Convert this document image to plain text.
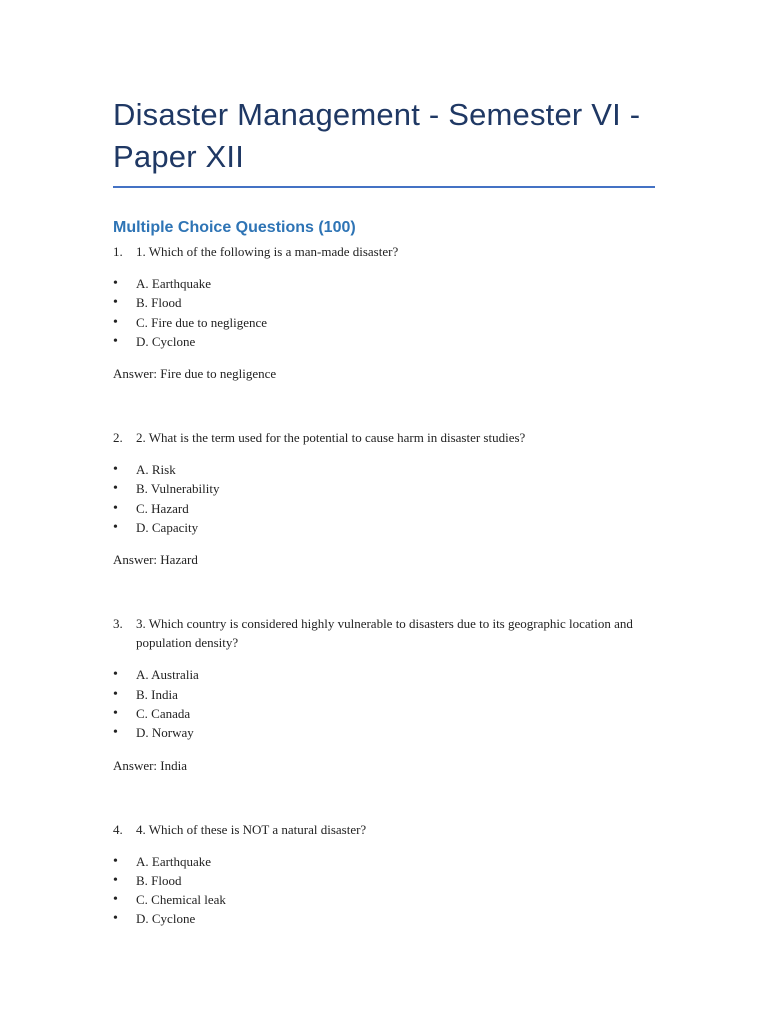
Disaster Management - Semester VI - Paper XII
Multiple Choice Questions (100)
1. 1. Which of the following is a man-made disaster?
• A. Earthquake
• B. Flood
• C. Fire due to negligence
• D. Cyclone
Answer: Fire due to negligence
2. 2. What is the term used for the potential to cause harm in disaster studies?
• A. Risk
• B. Vulnerability
• C. Hazard
• D. Capacity
Answer: Hazard
3. 3. Which country is considered highly vulnerable to disasters due to its geographic location and population density?
• A. Australia
• B. India
• C. Canada
• D. Norway
Answer: India
4. 4. Which of these is NOT a natural disaster?
• A. Earthquake
• B. Flood
• C. Chemical leak
• D. Cyclone
